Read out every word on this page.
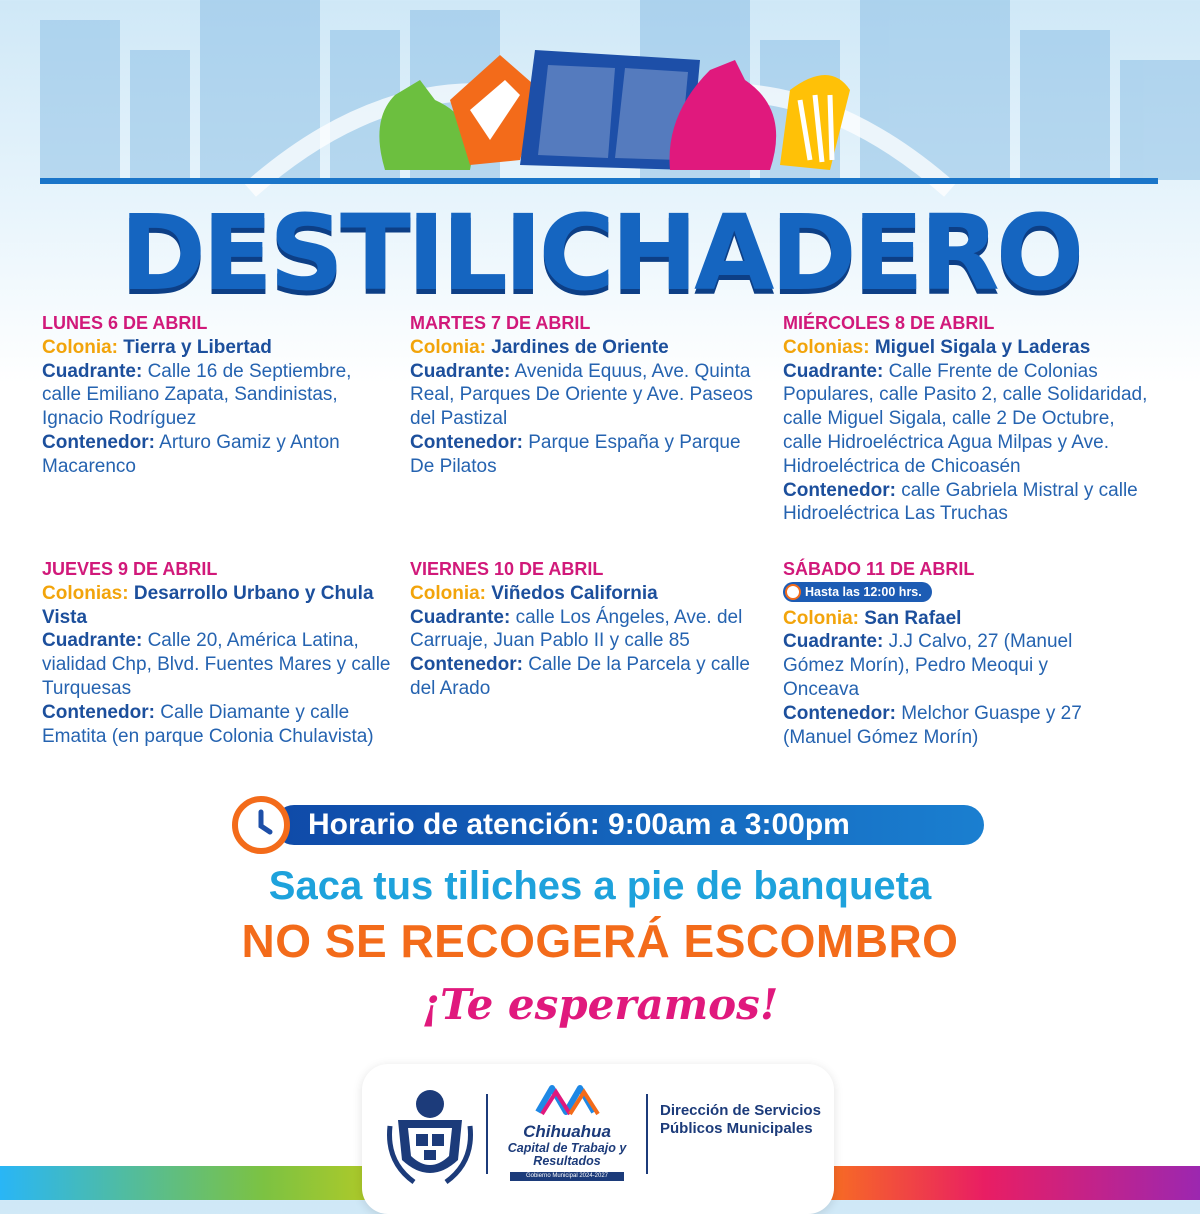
DESTILICHADERO
LUNES 6 DE ABRIL
Colonia: Tierra y Libertad
Cuadrante: Calle 16 de Septiembre, calle Emiliano Zapata, Sandinistas, Ignacio Rodríguez
Contenedor: Arturo Gamiz y Anton Macarenco
MARTES 7 DE ABRIL
Colonia: Jardines de Oriente
Cuadrante: Avenida Equus, Ave. Quinta Real, Parques De Oriente y Ave. Paseos del Pastizal
Contenedor: Parque España y Parque De Pilatos
MIÉRCOLES 8 DE ABRIL
Colonias: Miguel Sigala y Laderas
Cuadrante: Calle Frente de Colonias Populares, calle Pasito 2, calle Solidaridad, calle Miguel Sigala, calle 2 De Octubre, calle Hidroeléctrica Agua Milpas y Ave. Hidroeléctrica de Chicoasén
Contenedor: calle Gabriela Mistral y calle Hidroeléctrica Las Truchas
JUEVES 9 DE ABRIL
Colonias: Desarrollo Urbano y Chula Vista
Cuadrante: Calle 20, América Latina, vialidad Chp, Blvd. Fuentes Mares y calle Turquesas
Contenedor: Calle Diamante y calle Ematita (en parque Colonia Chulavista)
VIERNES 10 DE ABRIL
Colonia: Viñedos California
Cuadrante: calle Los Ángeles, Ave. del Carruaje, Juan Pablo II y calle 85
Contenedor: Calle De la Parcela y calle del Arado
SÁBADO 11 DE ABRIL
Hasta las 12:00 hrs.
Colonia: San Rafael
Cuadrante: J.J Calvo, 27 (Manuel Gómez Morín), Pedro Meoqui y Onceava
Contenedor: Melchor Guaspe y 27 (Manuel Gómez Morín)
Horario de atención: 9:00am a 3:00pm
Saca tus tiliches a pie de banqueta
NO SE RECOGERÁ ESCOMBRO
¡Te esperamos!
Chihuahua
Capital de Trabajo y Resultados
Gobierno Municipal 2024-2027
Dirección de Servicios Públicos Municipales
